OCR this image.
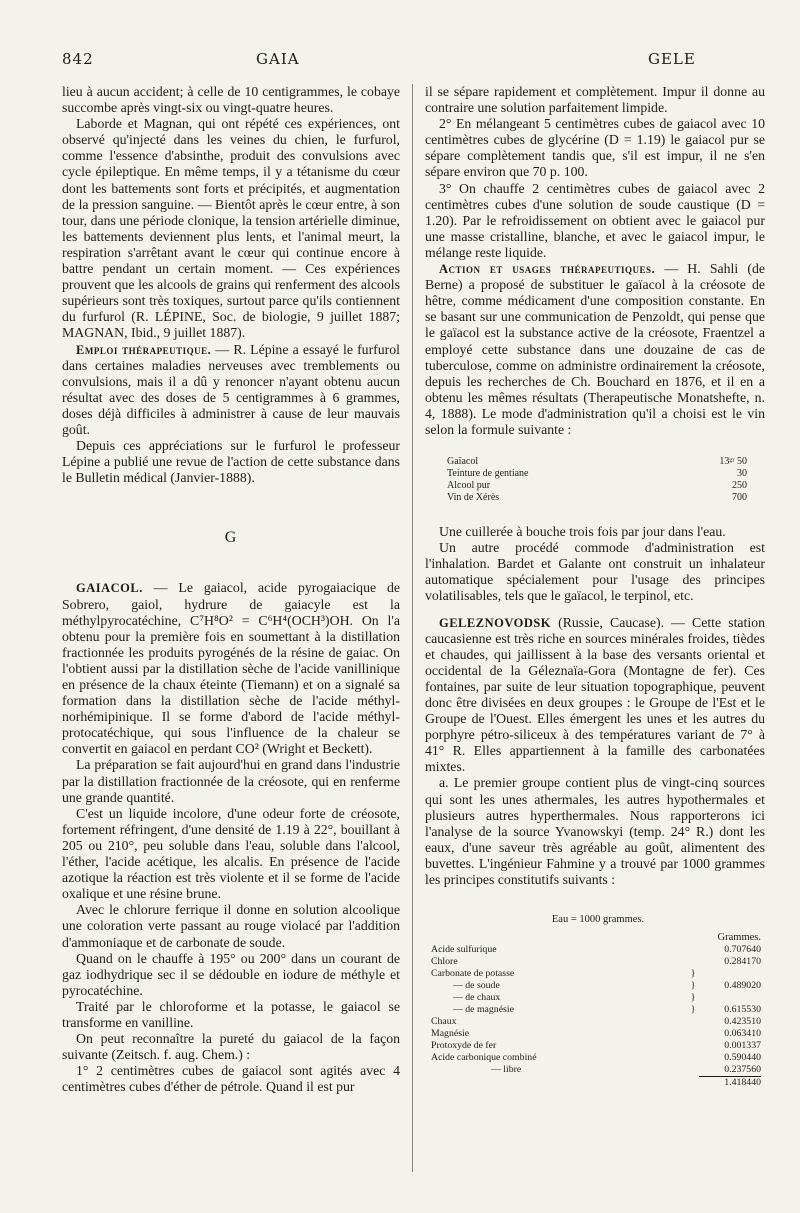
842	GAIA	GELE

lieu à aucun accident; à celle de 10 centigrammes, le cobaye succombe après vingt-six ou vingt-quatre heures.

Laborde et Magnan, qui ont répété ces expériences, ont observé qu'injecté dans les veines du chien, le furfurol, comme l'essence d'absinthe, produit des convulsions avec cycle épileptique. En même temps, il y a tétanisme du cœur dont les battements sont forts et précipités, et augmentation de la pression sanguine. — Bientôt après le cœur entre, à son tour, dans une période clonique, la tension artérielle diminue, les battements deviennent plus lents, et l'animal meurt, la respiration s'arrêtant avant le cœur qui continue encore à battre pendant un certain moment. — Ces expériences prouvent que les alcools de grains qui renferment des alcools supérieurs sont très toxiques, surtout parce qu'ils contiennent du furfurol (R. LÉPINE, Soc. de biologie, 9 juillet 1887; MAGNAN, Ibid., 9 juillet 1887).

Emploi thérapeutique. — R. Lépine a essayé le furfurol dans certaines maladies nerveuses avec tremblements ou convulsions, mais il a dû y renoncer n'ayant obtenu aucun résultat avec des doses de 5 centigrammes à 6 grammes, doses déjà difficiles à administrer à cause de leur mauvais goût.

Depuis ces appréciations sur le furfurol le professeur Lépine a publié une revue de l'action de cette substance dans le Bulletin médical (Janvier-1888).

G

GAIACOL. — Le gaiacol, acide pyrogaiacique de Sobrero, gaiol, hydrure de gaiacyle est la méthylpyrocatéchine, C⁷H⁸O² = C⁶H⁴(OCH³)OH. On l'a obtenu pour la première fois en soumettant à la distillation fractionnée les produits pyrogénés de la résine de gaiac. On l'obtient aussi par la distillation sèche de l'acide vanillinique en présence de la chaux éteinte (Tiemann) et on a signalé sa formation dans la distillation sèche de l'acide méthyl-norhémipinique. Il se forme d'abord de l'acide méthyl-protocatéchique, qui sous l'influence de la chaleur se convertit en gaiacol en perdant CO² (Wright et Beckett).

La préparation se fait aujourd'hui en grand dans l'industrie par la distillation fractionnée de la créosote, qui en renferme une grande quantité.

C'est un liquide incolore, d'une odeur forte de créosote, fortement réfringent, d'une densité de 1.19 à 22°, bouillant à 205 ou 210°, peu soluble dans l'eau, soluble dans l'alcool, l'éther, l'acide acétique, les alcalis. En présence de l'acide azotique la réaction est très violente et il se forme de l'acide oxalique et une résine brune.

Avec le chlorure ferrique il donne en solution alcoolique une coloration verte passant au rouge violacé par l'addition d'ammoniaque et de carbonate de soude.

Quand on le chauffe à 195° ou 200° dans un courant de gaz iodhydrique sec il se dédouble en iodure de méthyle et pyrocatéchine.

Traité par le chloroforme et la potasse, le gaiacol se transforme en vanilline.

On peut reconnaître la pureté du gaiacol de la façon suivante (Zeitsch. f. aug. Chem.) :

1° 2 centimètres cubes de gaiacol sont agités avec 4 centimètres cubes d'éther de pétrole. Quand il est pur

il se sépare rapidement et complètement. Impur il donne au contraire une solution parfaitement limpide.

2° En mélangeant 5 centimètres cubes de gaiacol avec 10 centimètres cubes de glycérine (D = 1.19) le gaiacol pur se sépare complètement tandis que, s'il est impur, il ne s'en sépare environ que 70 p. 100.

3° On chauffe 2 centimètres cubes de gaiacol avec 2 centimètres cubes d'une solution de soude caustique (D = 1.20). Par le refroidissement on obtient avec le gaiacol pur une masse cristalline, blanche, et avec le gaiacol impur, le mélange reste liquide.

Action et usages thérapeutiques. — H. Sahli (de Berne) a proposé de substituer le gaïacol à la créosote de hêtre, comme médicament d'une composition constante. En se basant sur une communication de Penzoldt, qui pense que le gaïacol est la substance active de la créosote, Fraentzel a employé cette substance dans une douzaine de cas de tuberculose, comme on administre ordinairement la créosote, depuis les recherches de Ch. Bouchard en 1876, et il en a obtenu les mêmes résultats (Therapeutische Monatshefte, n. 4, 1888). Le mode d'administration qu'il a choisi est le vin selon la formule suivante :

Gaïacol	13ᵍʳ 50
Teinture de gentiane	30
Alcool pur	250
Vin de Xérès	700

Une cuillerée à bouche trois fois par jour dans l'eau.

Un autre procédé commode d'administration est l'inhalation. Bardet et Galante ont construit un inhalateur automatique spécialement pour l'usage des principes volatilisables, tels que le gaïacol, le terpinol, etc.

GELEZNOVODSK (Russie, Caucase). — Cette station caucasienne est très riche en sources minérales froides, tièdes et chaudes, qui jaillissent à la base des versants oriental et occidental de la Géleznaïa-Gora (Montagne de fer). Ces fontaines, par suite de leur situation topographique, peuvent donc être divisées en deux groupes : le Groupe de l'Est et le Groupe de l'Ouest. Elles émergent les unes et les autres du porphyre pétro-siliceux à des températures variant de 7° à 41° R. Elles appartiennent à la famille des carbonatées mixtes.

a. Le premier groupe contient plus de vingt-cinq sources qui sont les unes athermales, les autres hypothermales et plusieurs autres hyperthermales. Nous rapporterons ici l'analyse de la source Yvanowskyi (temp. 24° R.) dont les eaux, d'une saveur très agréable au goût, alimentent des buvettes. L'ingénieur Fahmine y a trouvé par 1000 grammes les principes constitutifs suivants :

Eau = 1000 grammes.
Grammes.
Acide sulfurique		0.707640
Chlore		0.284170
Carbonate de potasse	}	
— de soude	}	0.489020
— de chaux	}	
— de magnésie	}	0.615530
Chaux		0.423510
Magnésie		0.063410
Protoxyde de fer		0.001337
Acide carbonique combiné		0.590440
— libre		0.237560
		1.418440
